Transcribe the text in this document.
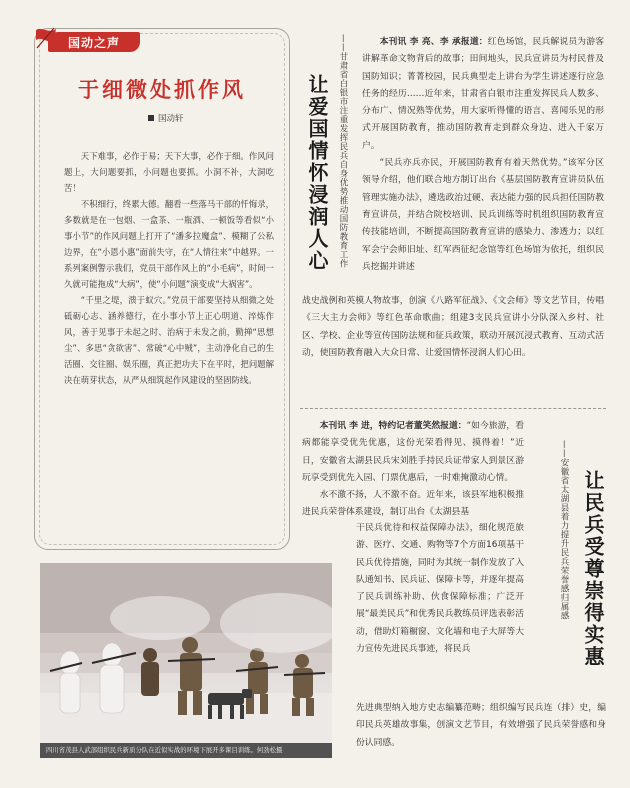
国动之声
于细微处抓作风
国动轩

天下难事，必作于易；天下大事，必作于细。作风问题上，大问题要抓，小问题也要抓。小洞不补，大洞吃苦！

不积细行，终累大德。翻看一些落马干部的忏悔录，多数就是在一包烟、一盒茶、一瓶酒、一顿饭等看似“小事小节”的作风问题上打开了“潘多拉魔盒”、模糊了公私边界，在“小恩小惠”面前失守，在“人情往来”中越界。一系列案例警示我们，党员干部作风上的“小毛病”，时间一久就可能拖成“大病”，使“小问题”演变成“大祸害”。

“千里之堤，溃于蚁穴。”党员干部要坚持从细微之处砥砺心志、涵养德行，在小事小节上正心明道、淬炼作风，善于见事于未起之时、治病于未发之前，勤掸“思想尘”、多思“贪欲害”、常破“心中贼”，主动净化自己的生活圈、交往圈、娱乐圈，真正把功夫下在平时，把问题解决在萌芽状态，从严从细筑起作风建设的坚固防线。

四川省茂县人武部组织民兵新质分队在近似实战的环境下展开多课目训练。何劲松摄
让爱国情怀浸润人心	——甘肃省白银市注重发挥民兵自身优势推动国防教育工作	本刊讯 李 亮、李 承报道：红色场馆，民兵解说员为游客讲解革命文物背后的故事；田间地头，民兵宣讲员为村民普及国防知识；菁菁校园，民兵典型走上讲台为学生讲述逐行应急任务的经历……近年来，甘肃省白银市注重发挥民兵人数多、分布广、情况熟等优势，用大家听得懂的语言、喜闻乐见的形式开展国防教育，推动国防教育走到群众身边、进入千家万户。

“民兵亦兵亦民，开展国防教育有着天然优势。”该军分区领导介绍，他们联合地方制订出台《基层国防教育宣讲员队伍管理实施办法》，遴选政治过硬、表达能力强的民兵担任国防教育宣讲员，并结合院校培训、民兵训练等时机组织国防教育宣传技能培训，不断提高国防教育宣讲的感染力、渗透力；以红军会宁会师旧址、红军西征纪念馆等红色场馆为依托，组织民兵挖掘并讲述

战史战例和英模人物故事，创演《八路军征战》、《文会师》等文艺节目，传唱《三大主力会师》等红色革命歌曲；组建3支民兵宣讲小分队深入乡村、社区、学校、企业等宣传国防法规和征兵政策，联动开展沉浸式教育、互动式活动，使国防教育融入大众日常、让爱国情怀浸润人们心田。

本刊讯 李 进，特约记者董笑然报道：“如今旅游，看病都能享受优先优惠，这份光荣看得见、摸得着！”近日，安徽省太湖县民兵宋刘胜手持民兵证带家人到景区游玩享受到优先入园、门票优惠后，一时难掩激动心情。

水不激不扬，人不激不奋。近年来，该县军地积极推进民兵荣誉体系建设，制订出台《太湖县基

干民兵优待和权益保障办法》，细化规范旅游、医疗、交通、购物等7个方面16项基干民兵优待措施，同时为其统一制作发放了入队通知书、民兵证、保障卡等，并逐年提高了民兵训练补助、伙食保障标准；广泛开展“最美民兵”和优秀民兵教练员评选表彰活动，借助灯箱橱窗、文化墙和电子大屏等大力宣传先进民兵事迹，将民兵

先进典型纳入地方史志编纂范畴；组织编写民兵连（排）史，编印民兵英雄故事集，创演文艺节目，有效增强了民兵荣誉感和身份认同感。

——安徽省太湖县着力提升民兵荣誉感归属感 让民兵受尊崇得实惠
